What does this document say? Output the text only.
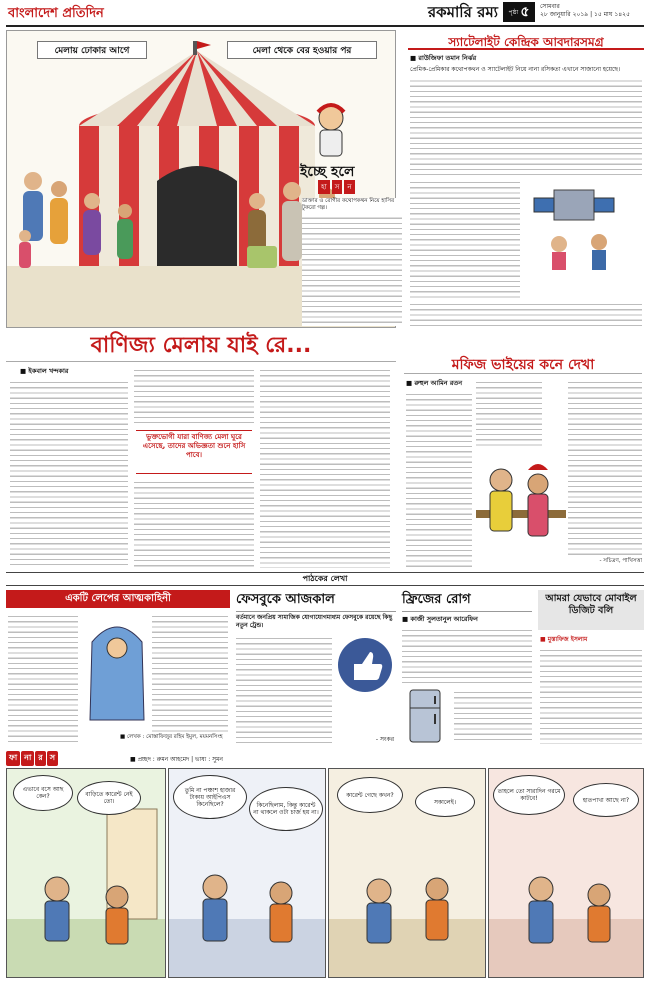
বাংলাদেশ প্রতিদিন	রকমারি রম্য পৃষ্ঠা ৫ সোমবার
২৮ জানুয়ারি ২০১৯ | ১৫ মাঘ ১৪২৫
মেলায় ঢোকার আগে	মেলা থেকে বের হওয়ার পর
স্যাটেলাইট কেন্দ্রিক আবদারসমগ্র
■ রাউজিফা তমান নির্ঝর
প্রেমিক-প্রেমিকার কথোপকথন ও স্যাটেলাইট নিয়ে নানা রসিকতা এখানে সাজানো হয়েছে।
ইচ্ছে হলে
হা	স	ন
ডাক্তার ও রোগীর কথোপকথন নিয়ে হাসির টুকরো গল্প।
বাণিজ্য মেলায় যাই রে...
■ ইকবাল খন্দকার
ভুক্তভোগী যারা বাণিজ্য মেলা ঘুরে এসেছে, তাদের অভিজ্ঞতা শুনে হাসি পাবে।
মফিজ ভাইয়ের কনে দেখা
■ রুহুল আমিন রতন
- সচিত্রণ, পাখিসত্তা
পাঠকের লেখা
একটি লেপের আত্মকাহিনী
■ লেখক : মোস্তাফিজুর রহিম ইমুল, ময়মনসিংহ
ফেসবুকে আজকাল
বর্তমানে জনপ্রিয় সামাজিক যোগাযোগমাধ্যম ফেসবুকে রয়েছে কিছু নতুন ট্রেন্ড।
- সংকর
ফ্রিজের রোগ
■ কাজী সুলতানুল আরেফিন
আমরা যেভাবে মোবাইল ডিজিট বলি
■ মুস্তাফিজ ইসলাম
ফা না র স	■ প্রচ্ছদ : রুমন আহমেদ | ভাষ্য : সুমন
এভাবে বসে আছ কেন?	বাড়িতে কারেন্ট নেই তো।
তুমি না পঞ্চাশ হাজার টাকায় আইপিএস কিনেছিলে?	কিনেছিলাম, কিন্তু কারেন্ট না থাকলে ওটা চার্জ হয় না।
কারেন্ট গেছে কখন?
সকালেই।
তাহলে তো সারাদিন গরমে কাটবে!	হাতপাখা আছে না?
